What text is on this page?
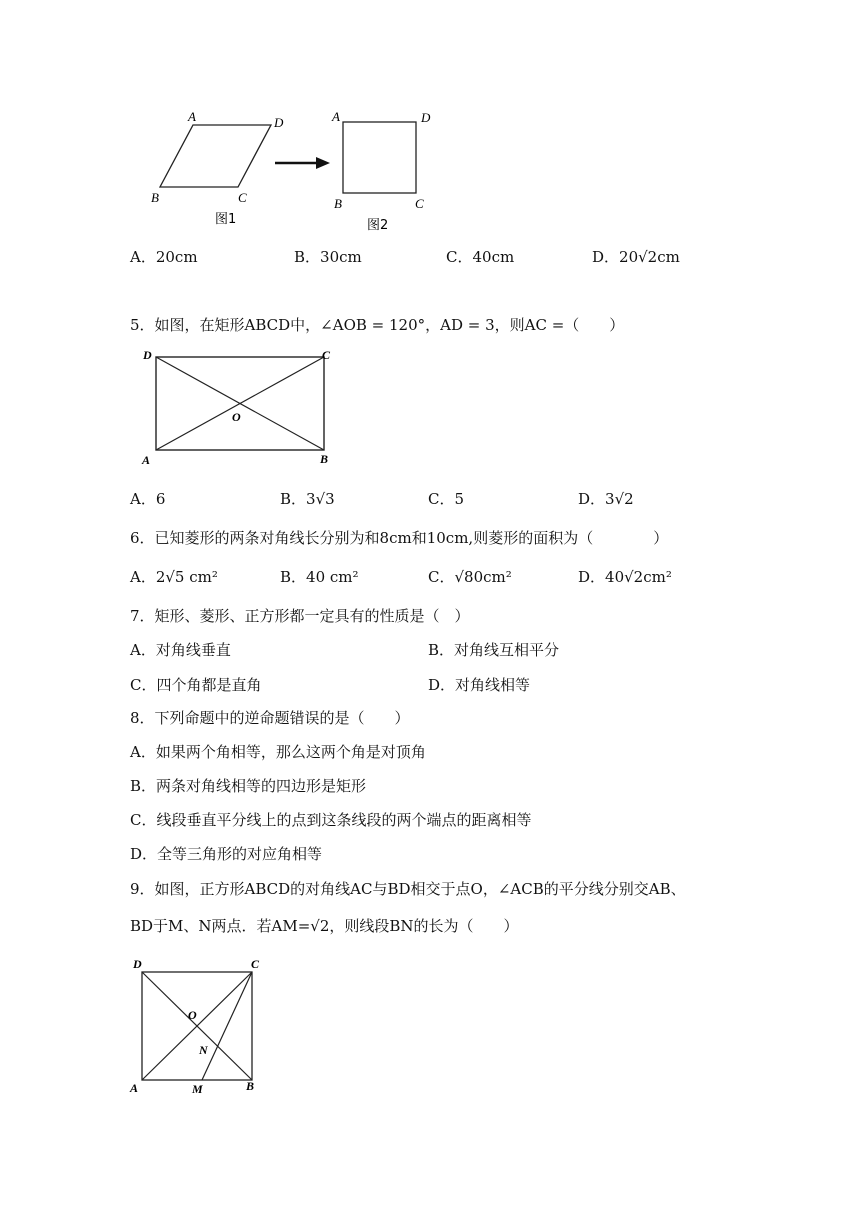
A	D
B	C
图1
A	D
B	C
图2
A．20cm	B．30cm	C．40cm	D．20√2cm
5．如图，在矩形ABCD中，∠AOB = 120°，AD = 3，则AC =（　　）
D	C
O
A	B
A．6	B．3√3	C．5	D．3√2
6．已知菱形的两条对角线长分别为和8cm和10cm,则菱形的面积为（　　　　）
A．2√5 cm²	B．40 cm²	C．√80cm²	D．40√2cm²
7．矩形、菱形、正方形都一定具有的性质是（　）
A．对角线垂直	B．对角线互相平分
C．四个角都是直角	D．对角线相等
8．下列命题中的逆命题错误的是（　　）
A．如果两个角相等，那么这两个角是对顶角
B．两条对角线相等的四边形是矩形
C．线段垂直平分线上的点到这条线段的两个端点的距离相等
D．全等三角形的对应角相等
9．如图，正方形ABCD的对角线AC与BD相交于点O，∠ACB的平分线分别交AB、
BD于M、N两点．若AM=√2，则线段BN的长为（　　）
D	C
O
N
A	M	B
